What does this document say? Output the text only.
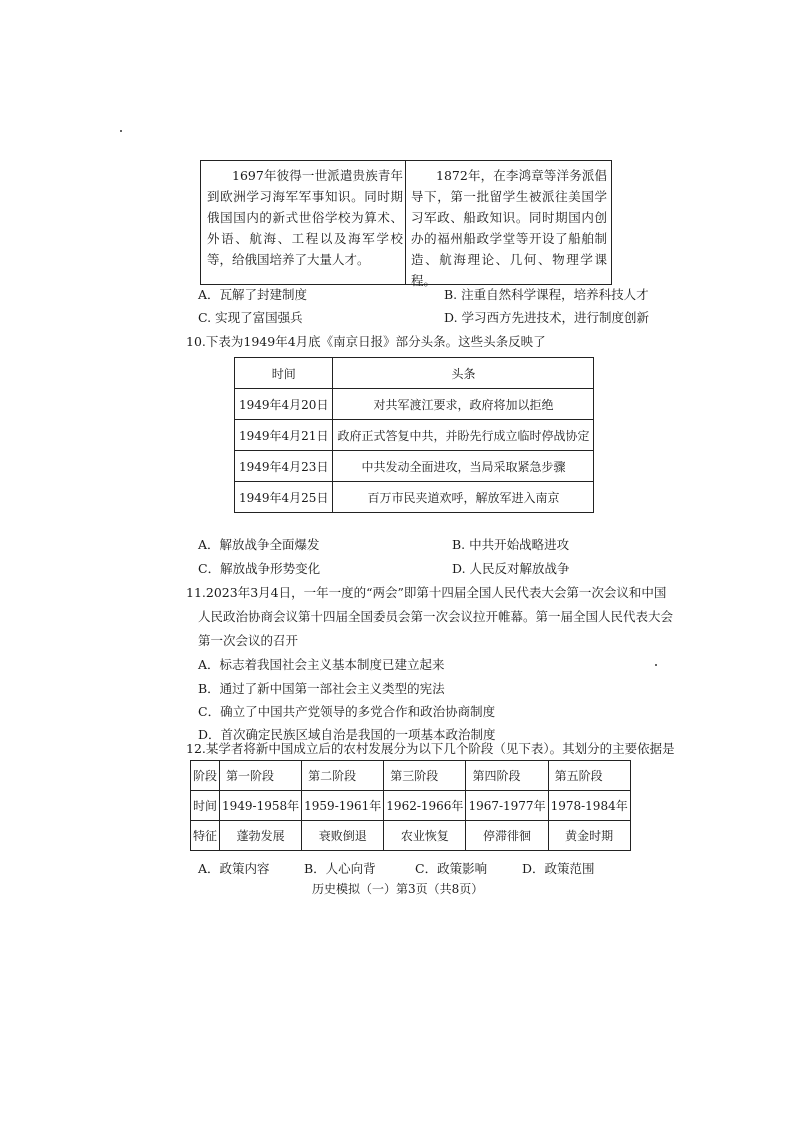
1697年彼得一世派遣贵族青年到欧洲学习海军军事知识。同时期俄国国内的新式世俗学校为算术、外语、航海、工程以及海军学校等，给俄国培养了大量人才。

1872年，在李鸿章等洋务派倡导下，第一批留学生被派往美国学习军政、船政知识。同时期国内创办的福州船政学堂等开设了船舶制造、航海理论、几何、物理学课程。

A．瓦解了封建制度	B. 注重自然科学课程，培养科技人才
C. 实现了富国强兵	D. 学习西方先进技术，进行制度创新
10.下表为1949年4月底《南京日报》部分头条。这些头条反映了
时间	头条
1949年4月20日	对共军渡江要求，政府将加以拒绝
1949年4月21日	政府正式答复中共，并盼先行成立临时停战协定
1949年4月23日	中共发动全面进攻，当局采取紧急步骤
1949年4月25日	百万市民夹道欢呼，解放军进入南京
A．解放战争全面爆发	B. 中共开始战略进攻
C．解放战争形势变化	D. 人民反对解放战争
11.2023年3月4日，一年一度的“两会”即第十四届全国人民代表大会第一次会议和中国
人民政治协商会议第十四届全国委员会第一次会议拉开帷幕。第一届全国人民代表大会
第一次会议的召开
A．标志着我国社会主义基本制度已建立起来
B．通过了新中国第一部社会主义类型的宪法
C．确立了中国共产党领导的多党合作和政治协商制度
D．首次确定民族区域自治是我国的一项基本政治制度
12.某学者将新中国成立后的农村发展分为以下几个阶段（见下表）。其划分的主要依据是
阶段	第一阶段	第二阶段	第三阶段	第四阶段	第五阶段
时间	1949-1958年	1959-1961年	1962-1966年	1967-1977年	1978-1984年
特征	蓬勃发展	衰败倒退	农业恢复	停滞徘徊	黄金时期
A．政策内容	B．人心向背	C．政策影响	D．政策范围
历史模拟（一）第3页（共8页）
